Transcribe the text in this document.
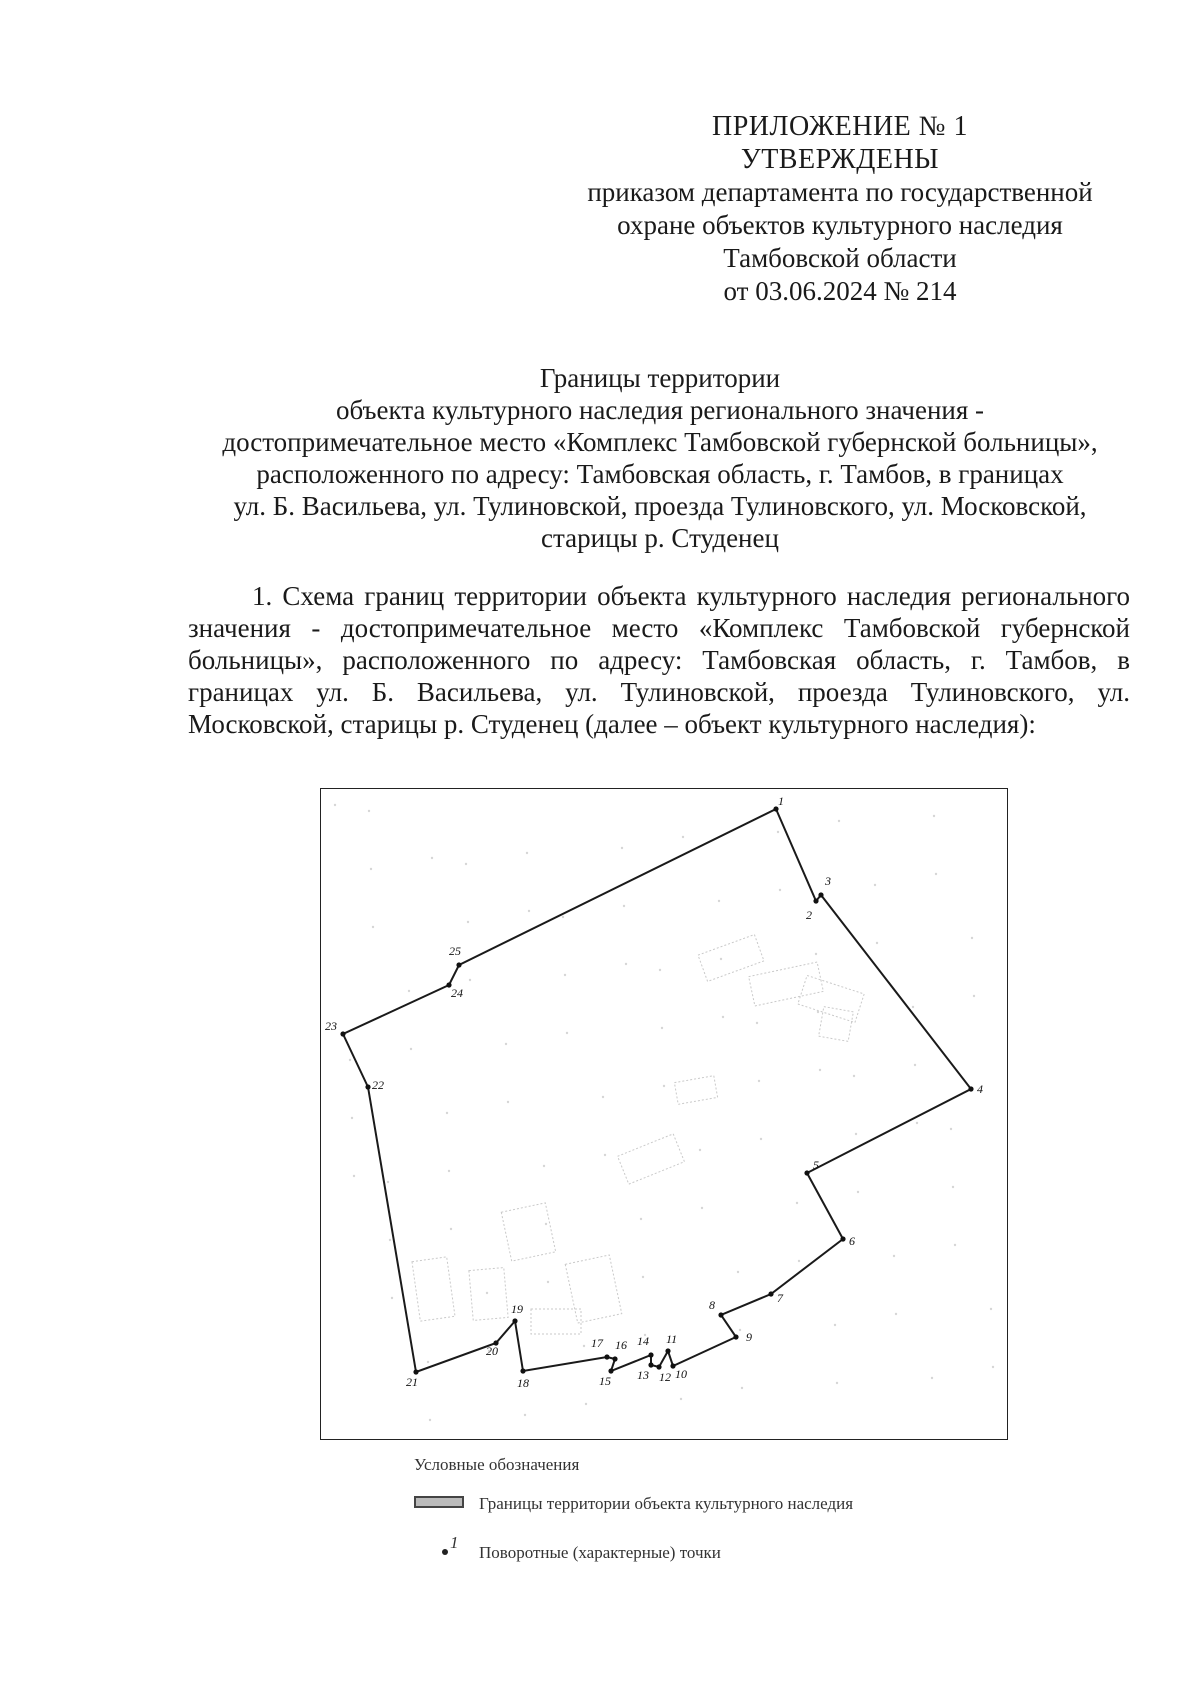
ПРИЛОЖЕНИЕ № 1
УТВЕРЖДЕНЫ
приказом департамента по государственной
охране объектов культурного наследия
Тамбовской области
от 03.06.2024 № 214
Границы территории
объекта культурного наследия регионального значения -
достопримечательное место «Комплекс Тамбовской губернской больницы»,
расположенного по адресу: Тамбовская область, г. Тамбов, в границах
ул. Б. Васильева, ул. Тулиновской, проезда Тулиновского, ул. Московской,
старицы р. Студенец

1. Схема границ территории объекта культурного наследия регионального значения - достопримечательное место «Комплекс Тамбовской губернской больницы», расположенного по адресу: Тамбовская область, г. Тамбов, в границах ул. Б. Васильева, ул. Тулиновской, проезда Тулиновского, ул. Московской, старицы р. Студенец (далее – объект культурного наследия):

1
2
3
4
5
6
7
8
9
10
11
12
13
14
15
16
17
18
19
20
21
22
23
24
25
Условные обозначения
Границы территории объекта культурного наследия
1
Поворотные (характерные) точки
